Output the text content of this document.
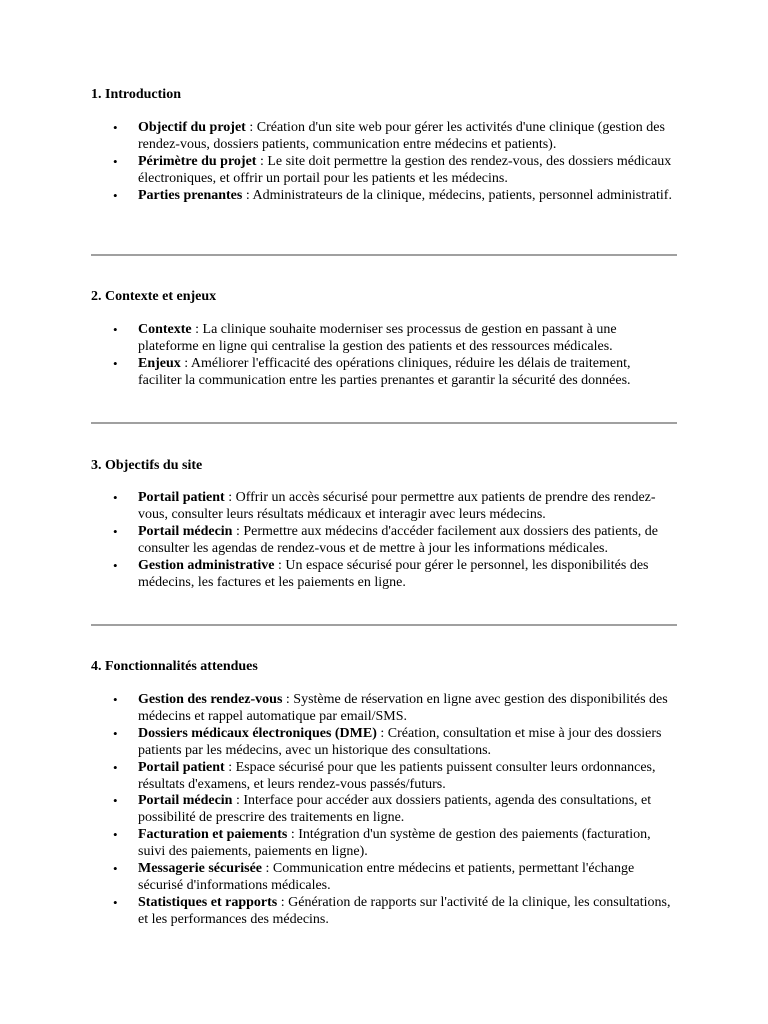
1. Introduction
• Objectif du projet : Création d'un site web pour gérer les activités d'une clinique (gestion des rendez-vous, dossiers patients, communication entre médecins et patients).
• Périmètre du projet : Le site doit permettre la gestion des rendez-vous, des dossiers médicaux électroniques, et offrir un portail pour les patients et les médecins.
• Parties prenantes : Administrateurs de la clinique, médecins, patients, personnel administratif.
2. Contexte et enjeux
• Contexte : La clinique souhaite moderniser ses processus de gestion en passant à une plateforme en ligne qui centralise la gestion des patients et des ressources médicales.
• Enjeux : Améliorer l'efficacité des opérations cliniques, réduire les délais de traitement, faciliter la communication entre les parties prenantes et garantir la sécurité des données.
3. Objectifs du site
• Portail patient : Offrir un accès sécurisé pour permettre aux patients de prendre des rendez-vous, consulter leurs résultats médicaux et interagir avec leurs médecins.
• Portail médecin : Permettre aux médecins d'accéder facilement aux dossiers des patients, de consulter les agendas de rendez-vous et de mettre à jour les informations médicales.
• Gestion administrative : Un espace sécurisé pour gérer le personnel, les disponibilités des médecins, les factures et les paiements en ligne.
4. Fonctionnalités attendues
• Gestion des rendez-vous : Système de réservation en ligne avec gestion des disponibilités des médecins et rappel automatique par email/SMS.
• Dossiers médicaux électroniques (DME) : Création, consultation et mise à jour des dossiers patients par les médecins, avec un historique des consultations.
• Portail patient : Espace sécurisé pour que les patients puissent consulter leurs ordonnances, résultats d'examens, et leurs rendez-vous passés/futurs.
• Portail médecin : Interface pour accéder aux dossiers patients, agenda des consultations, et possibilité de prescrire des traitements en ligne.
• Facturation et paiements : Intégration d'un système de gestion des paiements (facturation, suivi des paiements, paiements en ligne).
• Messagerie sécurisée : Communication entre médecins et patients, permettant l'échange sécurisé d'informations médicales.
• Statistiques et rapports : Génération de rapports sur l'activité de la clinique, les consultations, et les performances des médecins.
